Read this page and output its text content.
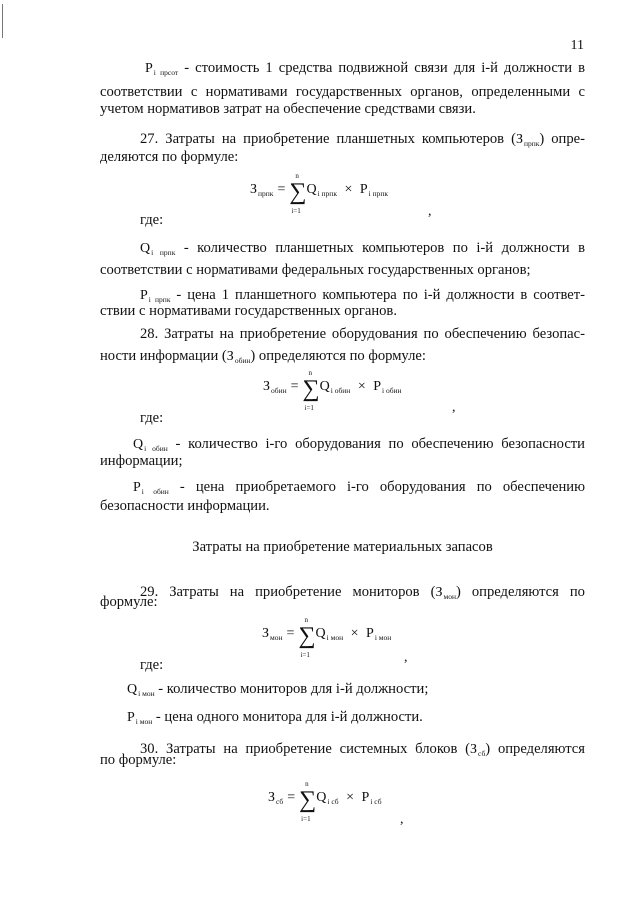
11
$P_{i прсот}$ - стоимость 1 средства подвижной связи для i-й должности в
соответствии с нормативами государственных органов, определенными с
учетом нормативов затрат на обеспечение средствами связи.
27. Затраты на приобретение планшетных компьютеров $(З_{прпк})$ опре-
деляются по формуле:
$З_{прпк}$ = ∑
n
i=1
$Q_{i прпк} \times P_{i прпк}$
,
где:
$Q_{i прпк}$ - количество планшетных компьютеров по i-й должности в
соответствии с нормативами федеральных государственных органов;
$P_{i прпк}$ - цена 1 планшетного компьютера по i-й должности в соответ-
ствии с нормативами государственных органов.
28. Затраты на приобретение оборудования по обеспечению безопас-
ности информации $(З_{обин})$ определяются по формуле:
$З_{обин}$ = ∑
n
i=1
$Q_{i обин} \times P_{i обин}$
,
где:
$Q_{i обин}$ - количество i-го оборудования по обеспечению безопасности
информации;
$P_{i обин}$ - цена приобретаемого i-го оборудования по обеспечению
безопасности информации.
Затраты на приобретение материальных запасов
29. Затраты на приобретение мониторов $(З_{мон})$ определяются по
формуле:
$З_{мон}$ = ∑
n
i=1
$Q_{i мон} \times P_{i мон}$
,
где:
$Q_{i мон}$ - количество мониторов для i-й должности;
$P_{i мон}$ - цена одного монитора для i-й должности.
30. Затраты на приобретение системных блоков $(З_{сб})$ определяются
по формуле:
$З_{сб}$ = ∑
n
i=1
$Q_{i сб} \times P_{i сб}$
,
